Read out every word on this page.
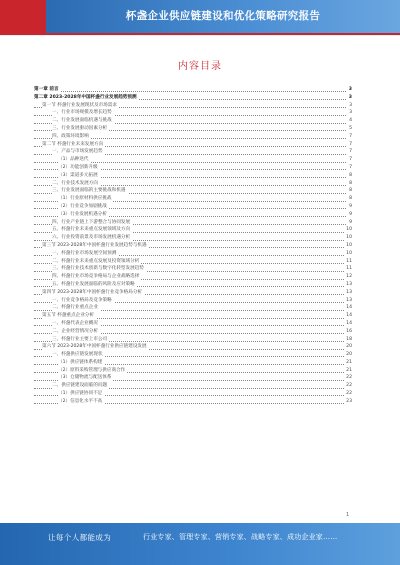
杯盏企业供应链建设和优化策略研究报告
内容目录
第一章 前言	3
第二章 2023-2028年中国杯盏行业发展趋势预测	3
第一节 杯盏行业发展现状及市场需求	3
一、行业市场规模及增长趋势	3
二、行业发展面临机遇与挑战	4
三、行业发展驱动因素分析	5
四、政策环境影响	7
第二节 杯盏行业未来发展方向	7
一、产品与市场发展趋势	7
（1）品种迭代	7
（2）功能创新升级	7
（3）渠道多元拓展	8
二、行业技术发展方向	8
三、行业发展面临的主要挑战和机遇	8
（1）行业原材料供应挑战	8
（2）行业竞争加剧挑战	9
（3）行业发展机遇分析	9
四、行业产业链上下游整合与协同发展	9
五、杯盏行业未来重点发展领域及方向	10
六、行业投资前景及市场发展机遇分析	10
第三节 2023-2028年中国杯盏行业发展趋势与机遇	10
一、杯盏行业市场发展空间预测	10
二、杯盏行业未来重点发展及投资领域分析	11
三、杯盏行业技术创新与数字化转型发展趋势	11
四、杯盏行业市场竞争格局与企业战略选择	12
五、杯盏行业发展面临的风险及应对策略	13
第四节 2023-2028年中国杯盏行业竞争格局分析	13
一、行业竞争格局及竞争策略	13
二、杯盏行业重点企业	14
第五节 杯盏重点企业分析	14
一、杯盏代表企业概况	14
二、企业经营情况分析	16
三、杯盏行业主要上市公司	18
第六节 2023-2028年中国杯盏行业供应链建设发展	20
一、杯盏供应链发展现状	20
（1）供应链体系构建	21
（2）原料采购管理与供应商合作	21
（3）仓储物流与配送体系	22
二、供应链建设面临的问题	22
（1）供应链协同不足	22
（2）信息化水平不高	23
1
让每个人都能成为	行业专家、管理专家、营销专家、战略专家、成功企业家……
